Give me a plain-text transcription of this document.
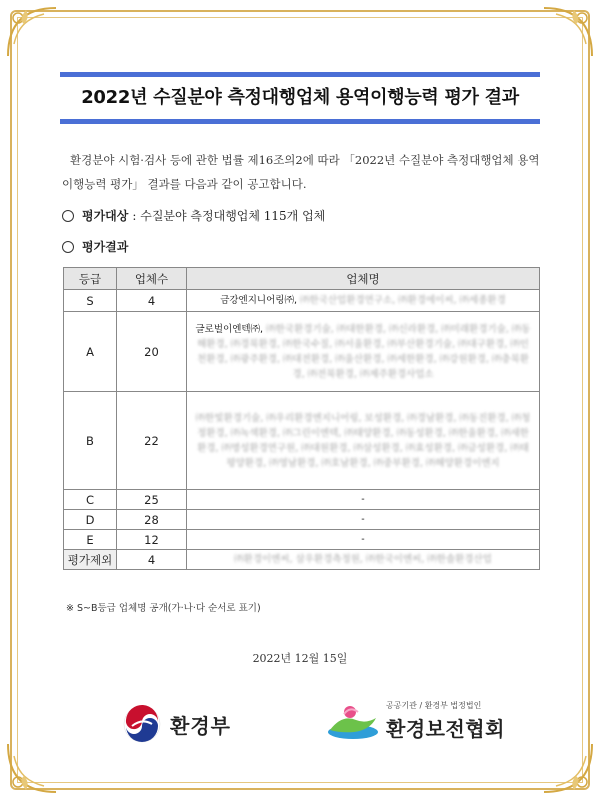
2022년 수질분야 측정대행업체 용역이행능력 평가 결과

환경분야 시험·검사 등에 관한 법률 제16조의2에 따라 「2022년 수질분야 측정대행업체 용역이행능력 평가」 결과를 다음과 같이 공고합니다.

평가대상 : 수질분야 측정대행업체 115개 업체
평가결과
등급	업체수	업체명
S	4	금강엔지니어링㈜, ㈜한국산업환경연구소, ㈜환경에이씨, ㈜세종환경
A	20	글로벌이엔텍㈜, ㈜한국환경기술, ㈜대한환경, ㈜신라환경, ㈜미래환경기술, ㈜동해환경, ㈜경북환경, ㈜한국수질, ㈜서울환경, ㈜부산환경기술, ㈜대구환경, ㈜인천환경, ㈜광주환경, ㈜대전환경, ㈜울산환경, ㈜세한환경, ㈜강원환경, ㈜충북환경, ㈜전북환경, ㈜제주환경사업소
B	22	㈜한빛환경기술, ㈜우리환경엔지니어링, 보성환경, ㈜경남환경, ㈜동진환경, ㈜청정환경, ㈜녹색환경, ㈜그린이엔텍, ㈜태양환경, ㈜동성환경, ㈜한울환경, ㈜새한환경, ㈜명성환경연구원, ㈜대원환경, ㈜삼성환경, ㈜효성환경, ㈜금성환경, ㈜태평양환경, ㈜영남환경, ㈜호남환경, ㈜중부환경, ㈜해양환경이엔지
C	25	-
D	28	-
E	12	-
평가제외	4	㈜환경이엔씨, 삼우환경측정원, ㈜한국이엔씨, ㈜한솔환경산업
※ S~B등급 업체명 공개(가·나·다 순서로 표기)
2022년 12월 15일
환경부
공공기관 / 환경부 법정법인
환경보전협회
